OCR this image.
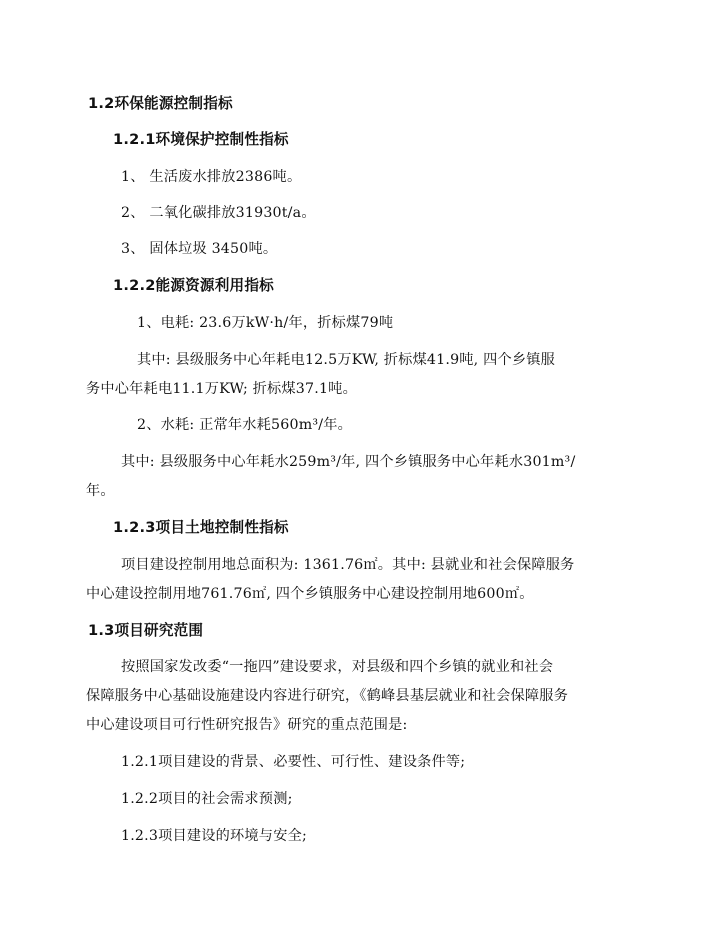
1.2环保能源控制指标
1.2.1环境保护控制性指标
1、 生活废水排放2386吨。
2、 二氧化碳排放31930t/a。
3、 固体垃圾 3450吨。
1.2.2能源资源利用指标
1、电耗: 23.6万kW·h/年，折标煤79吨
其中: 县级服务中心年耗电12.5万KW, 折标煤41.9吨, 四个乡镇服
务中心年耗电11.1万KW; 折标煤37.1吨。
2、水耗: 正常年水耗560m³/年。
其中: 县级服务中心年耗水259m³/年, 四个乡镇服务中心年耗水301m³/
年。
1.2.3项目土地控制性指标
项目建设控制用地总面积为: 1361.76㎡。其中: 县就业和社会保障服务
中心建设控制用地761.76㎡, 四个乡镇服务中心建设控制用地600㎡。
1.3项目研究范围
按照国家发改委“一拖四”建设要求，对县级和四个乡镇的就业和社会
保障服务中心基础设施建设内容进行研究，《鹤峰县基层就业和社会保障服务
中心建设项目可行性研究报告》研究的重点范围是:
1.2.1项目建设的背景、必要性、可行性、建设条件等;
1.2.2项目的社会需求预测;
1.2.3项目建设的环境与安全;
